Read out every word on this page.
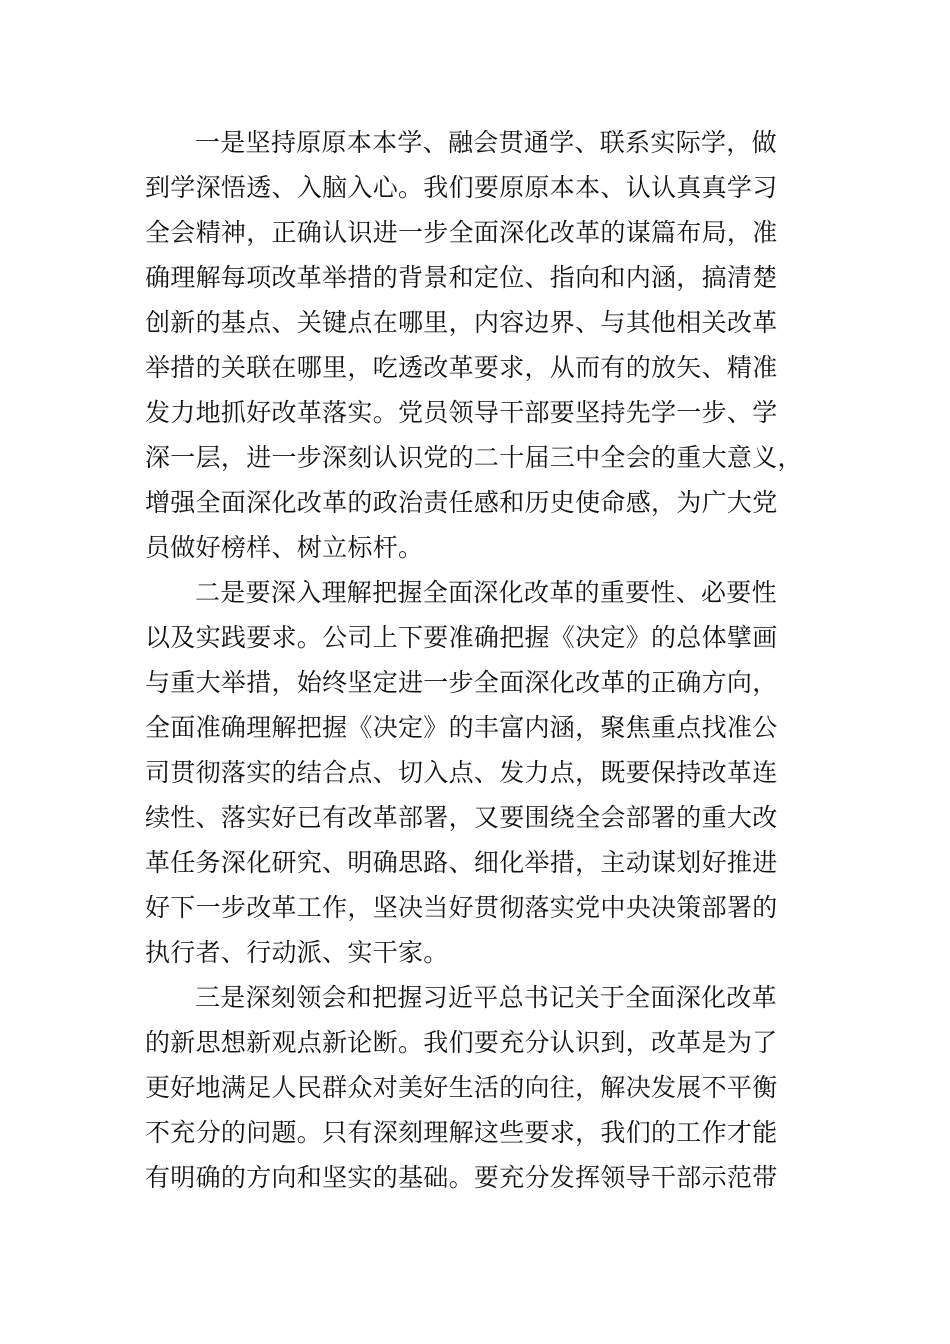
一是坚持原原本本学、融会贯通学、联系实际学，做
到学深悟透、入脑入心。我们要原原本本、认认真真学习
全会精神，正确认识进一步全面深化改革的谋篇布局，准
确理解每项改革举措的背景和定位、指向和内涵，搞清楚
创新的基点、关键点在哪里，内容边界、与其他相关改革
举措的关联在哪里，吃透改革要求，从而有的放矢、精准
发力地抓好改革落实。党员领导干部要坚持先学一步、学
深一层，进一步深刻认识党的二十届三中全会的重大意义，
增强全面深化改革的政治责任感和历史使命感，为广大党
员做好榜样、树立标杆。
二是要深入理解把握全面深化改革的重要性、必要性
以及实践要求。公司上下要准确把握《决定》的总体擘画
与重大举措，始终坚定进一步全面深化改革的正确方向，
全面准确理解把握《决定》的丰富内涵，聚焦重点找准公
司贯彻落实的结合点、切入点、发力点，既要保持改革连
续性、落实好已有改革部署，又要围绕全会部署的重大改
革任务深化研究、明确思路、细化举措，主动谋划好推进
好下一步改革工作，坚决当好贯彻落实党中央决策部署的
执行者、行动派、实干家。
三是深刻领会和把握习近平总书记关于全面深化改革
的新思想新观点新论断。我们要充分认识到，改革是为了
更好地满足人民群众对美好生活的向往，解决发展不平衡
不充分的问题。只有深刻理解这些要求，我们的工作才能
有明确的方向和坚实的基础。要充分发挥领导干部示范带
